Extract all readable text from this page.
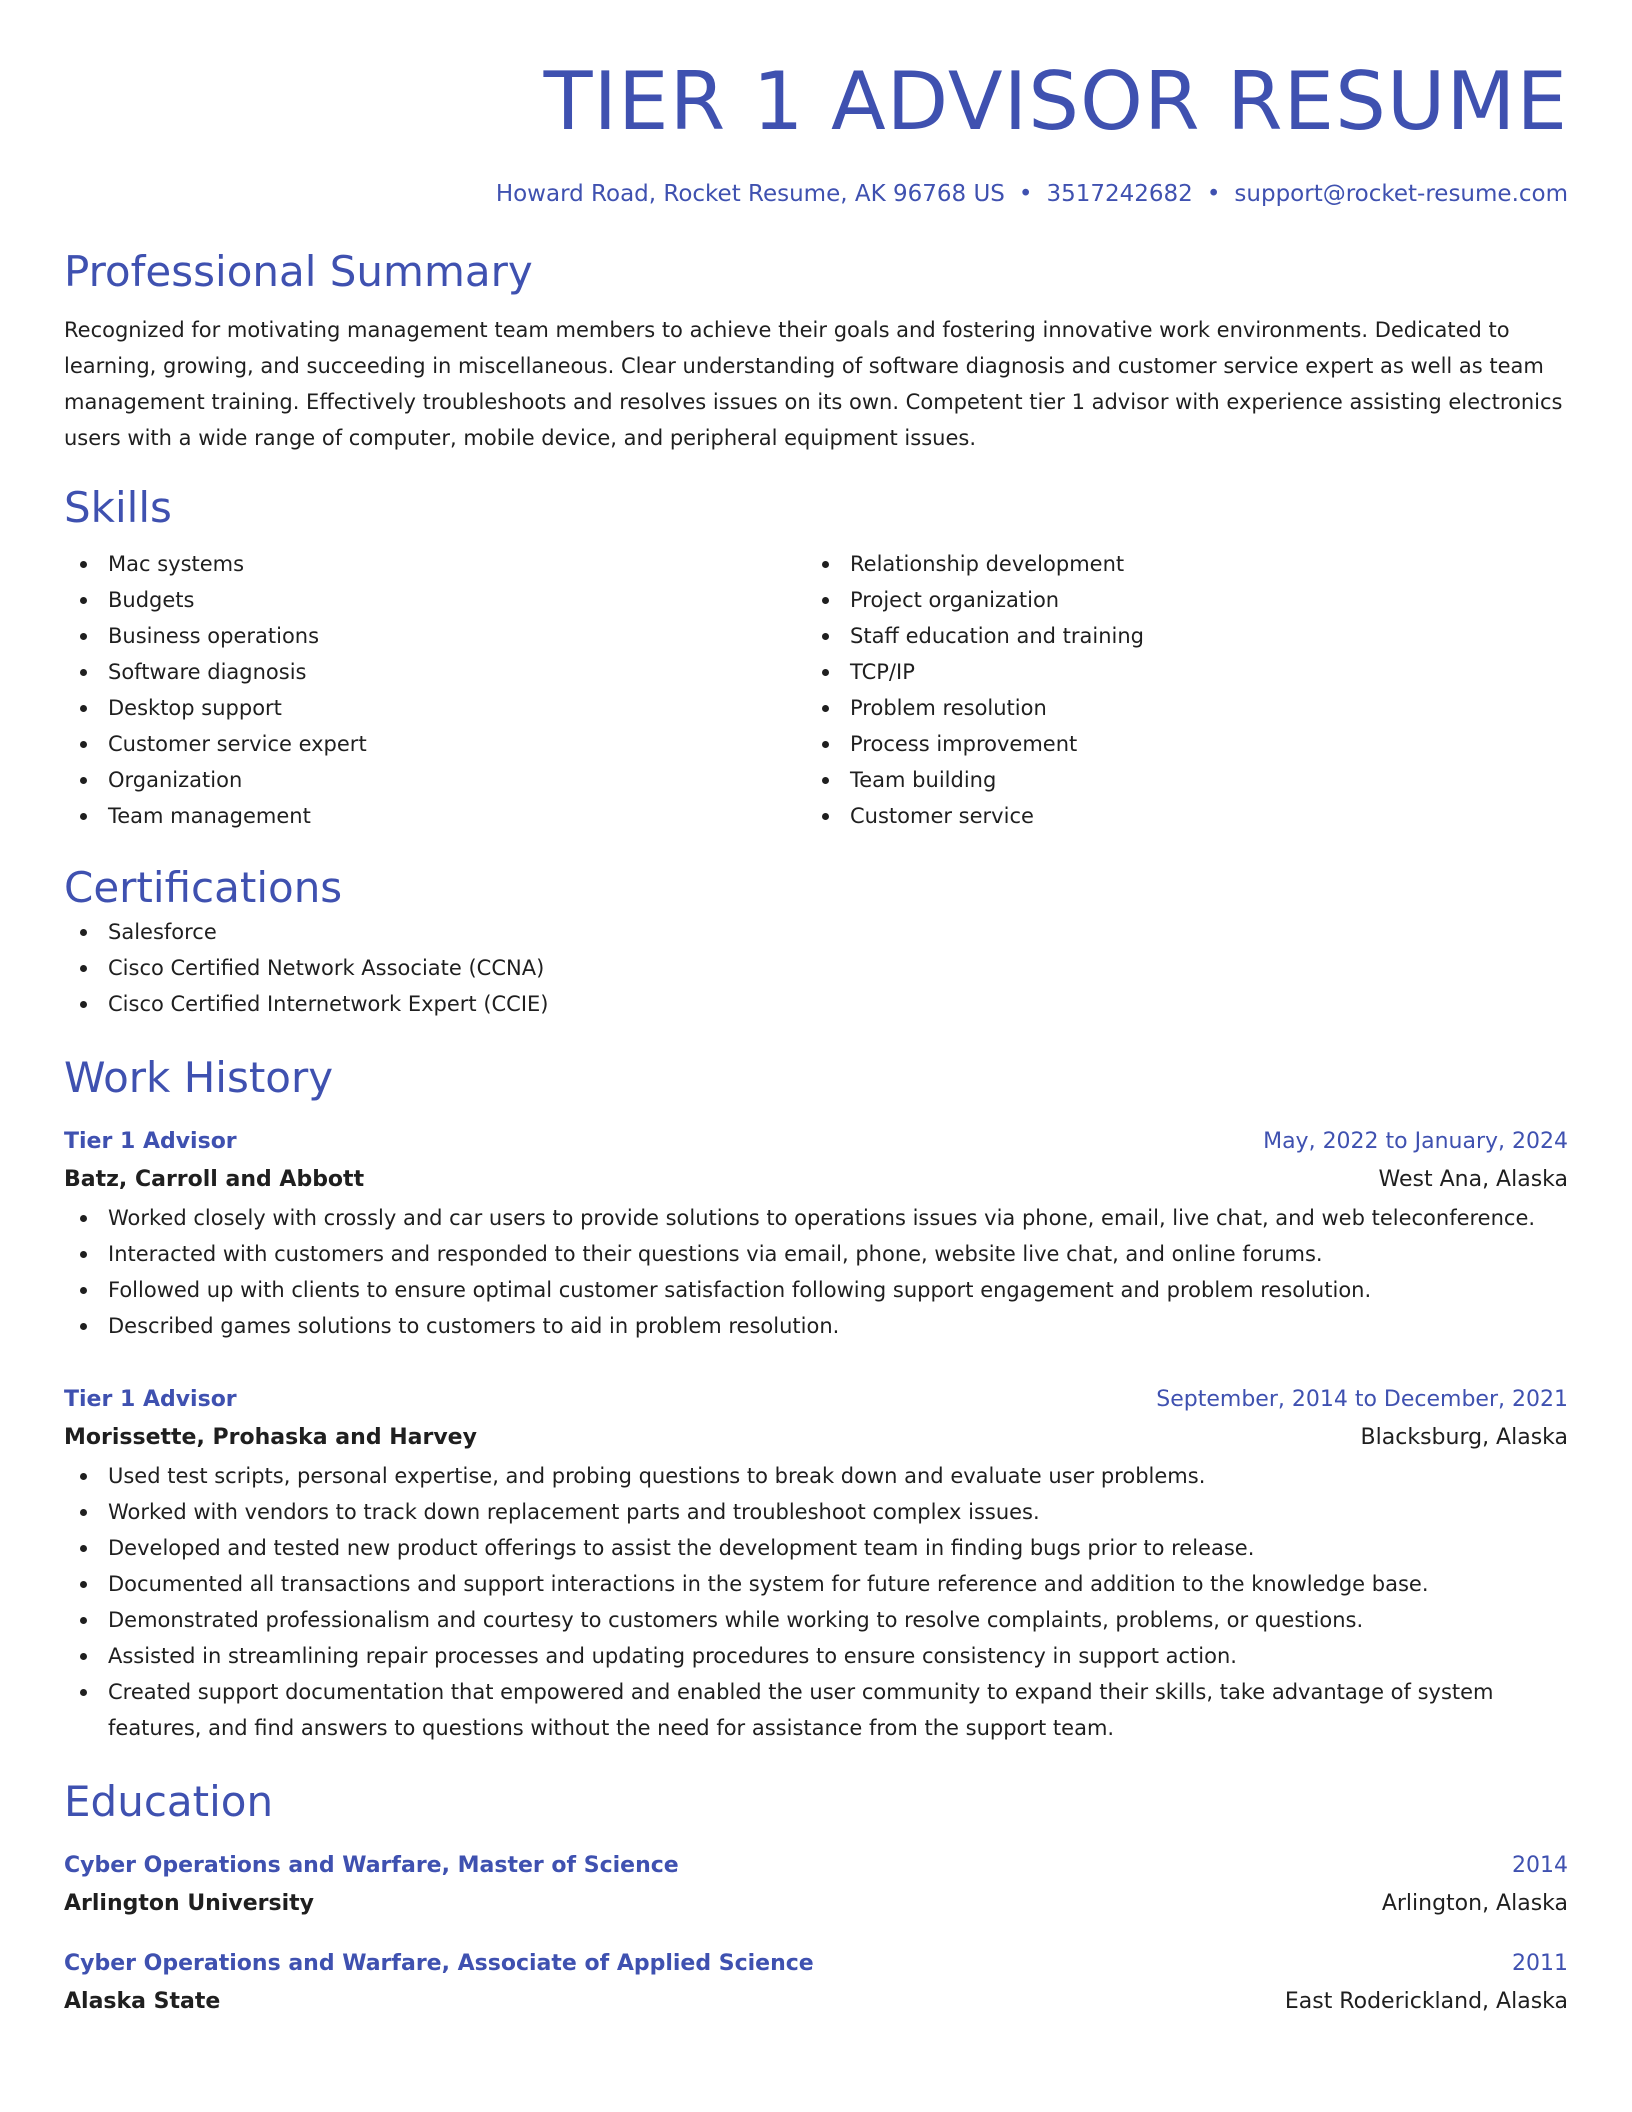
TIER 1 ADVISOR RESUME
Howard Road, Rocket Resume, AK 96768 US • 3517242682 • support@rocket-resume.com
Professional Summary

Recognized for motivating management team members to achieve their goals and fostering innovative work environments. Dedicated to learning, growing, and succeeding in miscellaneous. Clear understanding of software diagnosis and customer service expert as well as team management training. Effectively troubleshoots and resolves issues on its own. Competent tier 1 advisor with experience assisting electronics users with a wide range of computer, mobile device, and peripheral equipment issues.

Skills
Mac systems
Budgets
Business operations
Software diagnosis
Desktop support
Customer service expert
Organization
Team management
Relationship development
Project organization
Staff education and training
TCP/IP
Problem resolution
Process improvement
Team building
Customer service
Certifications
Salesforce
Cisco Certified Network Associate (CCNA)
Cisco Certified Internetwork Expert (CCIE)
Work History
Tier 1 Advisor	May, 2022 to January, 2024
Batz, Carroll and Abbott	West Ana, Alaska
Worked closely with crossly and car users to provide solutions to operations issues via phone, email, live chat, and web teleconference.
Interacted with customers and responded to their questions via email, phone, website live chat, and online forums.
Followed up with clients to ensure optimal customer satisfaction following support engagement and problem resolution.
Described games solutions to customers to aid in problem resolution.
Tier 1 Advisor	September, 2014 to December, 2021
Morissette, Prohaska and Harvey	Blacksburg, Alaska
Used test scripts, personal expertise, and probing questions to break down and evaluate user problems.
Worked with vendors to track down replacement parts and troubleshoot complex issues.
Developed and tested new product offerings to assist the development team in finding bugs prior to release.
Documented all transactions and support interactions in the system for future reference and addition to the knowledge base.
Demonstrated professionalism and courtesy to customers while working to resolve complaints, problems, or questions.
Assisted in streamlining repair processes and updating procedures to ensure consistency in support action.
Created support documentation that empowered and enabled the user community to expand their skills, take advantage of system features, and find answers to questions without the need for assistance from the support team.
Education
Cyber Operations and Warfare, Master of Science	2014
Arlington University	Arlington, Alaska
Cyber Operations and Warfare, Associate of Applied Science	2011
Alaska State	East Roderickland, Alaska
